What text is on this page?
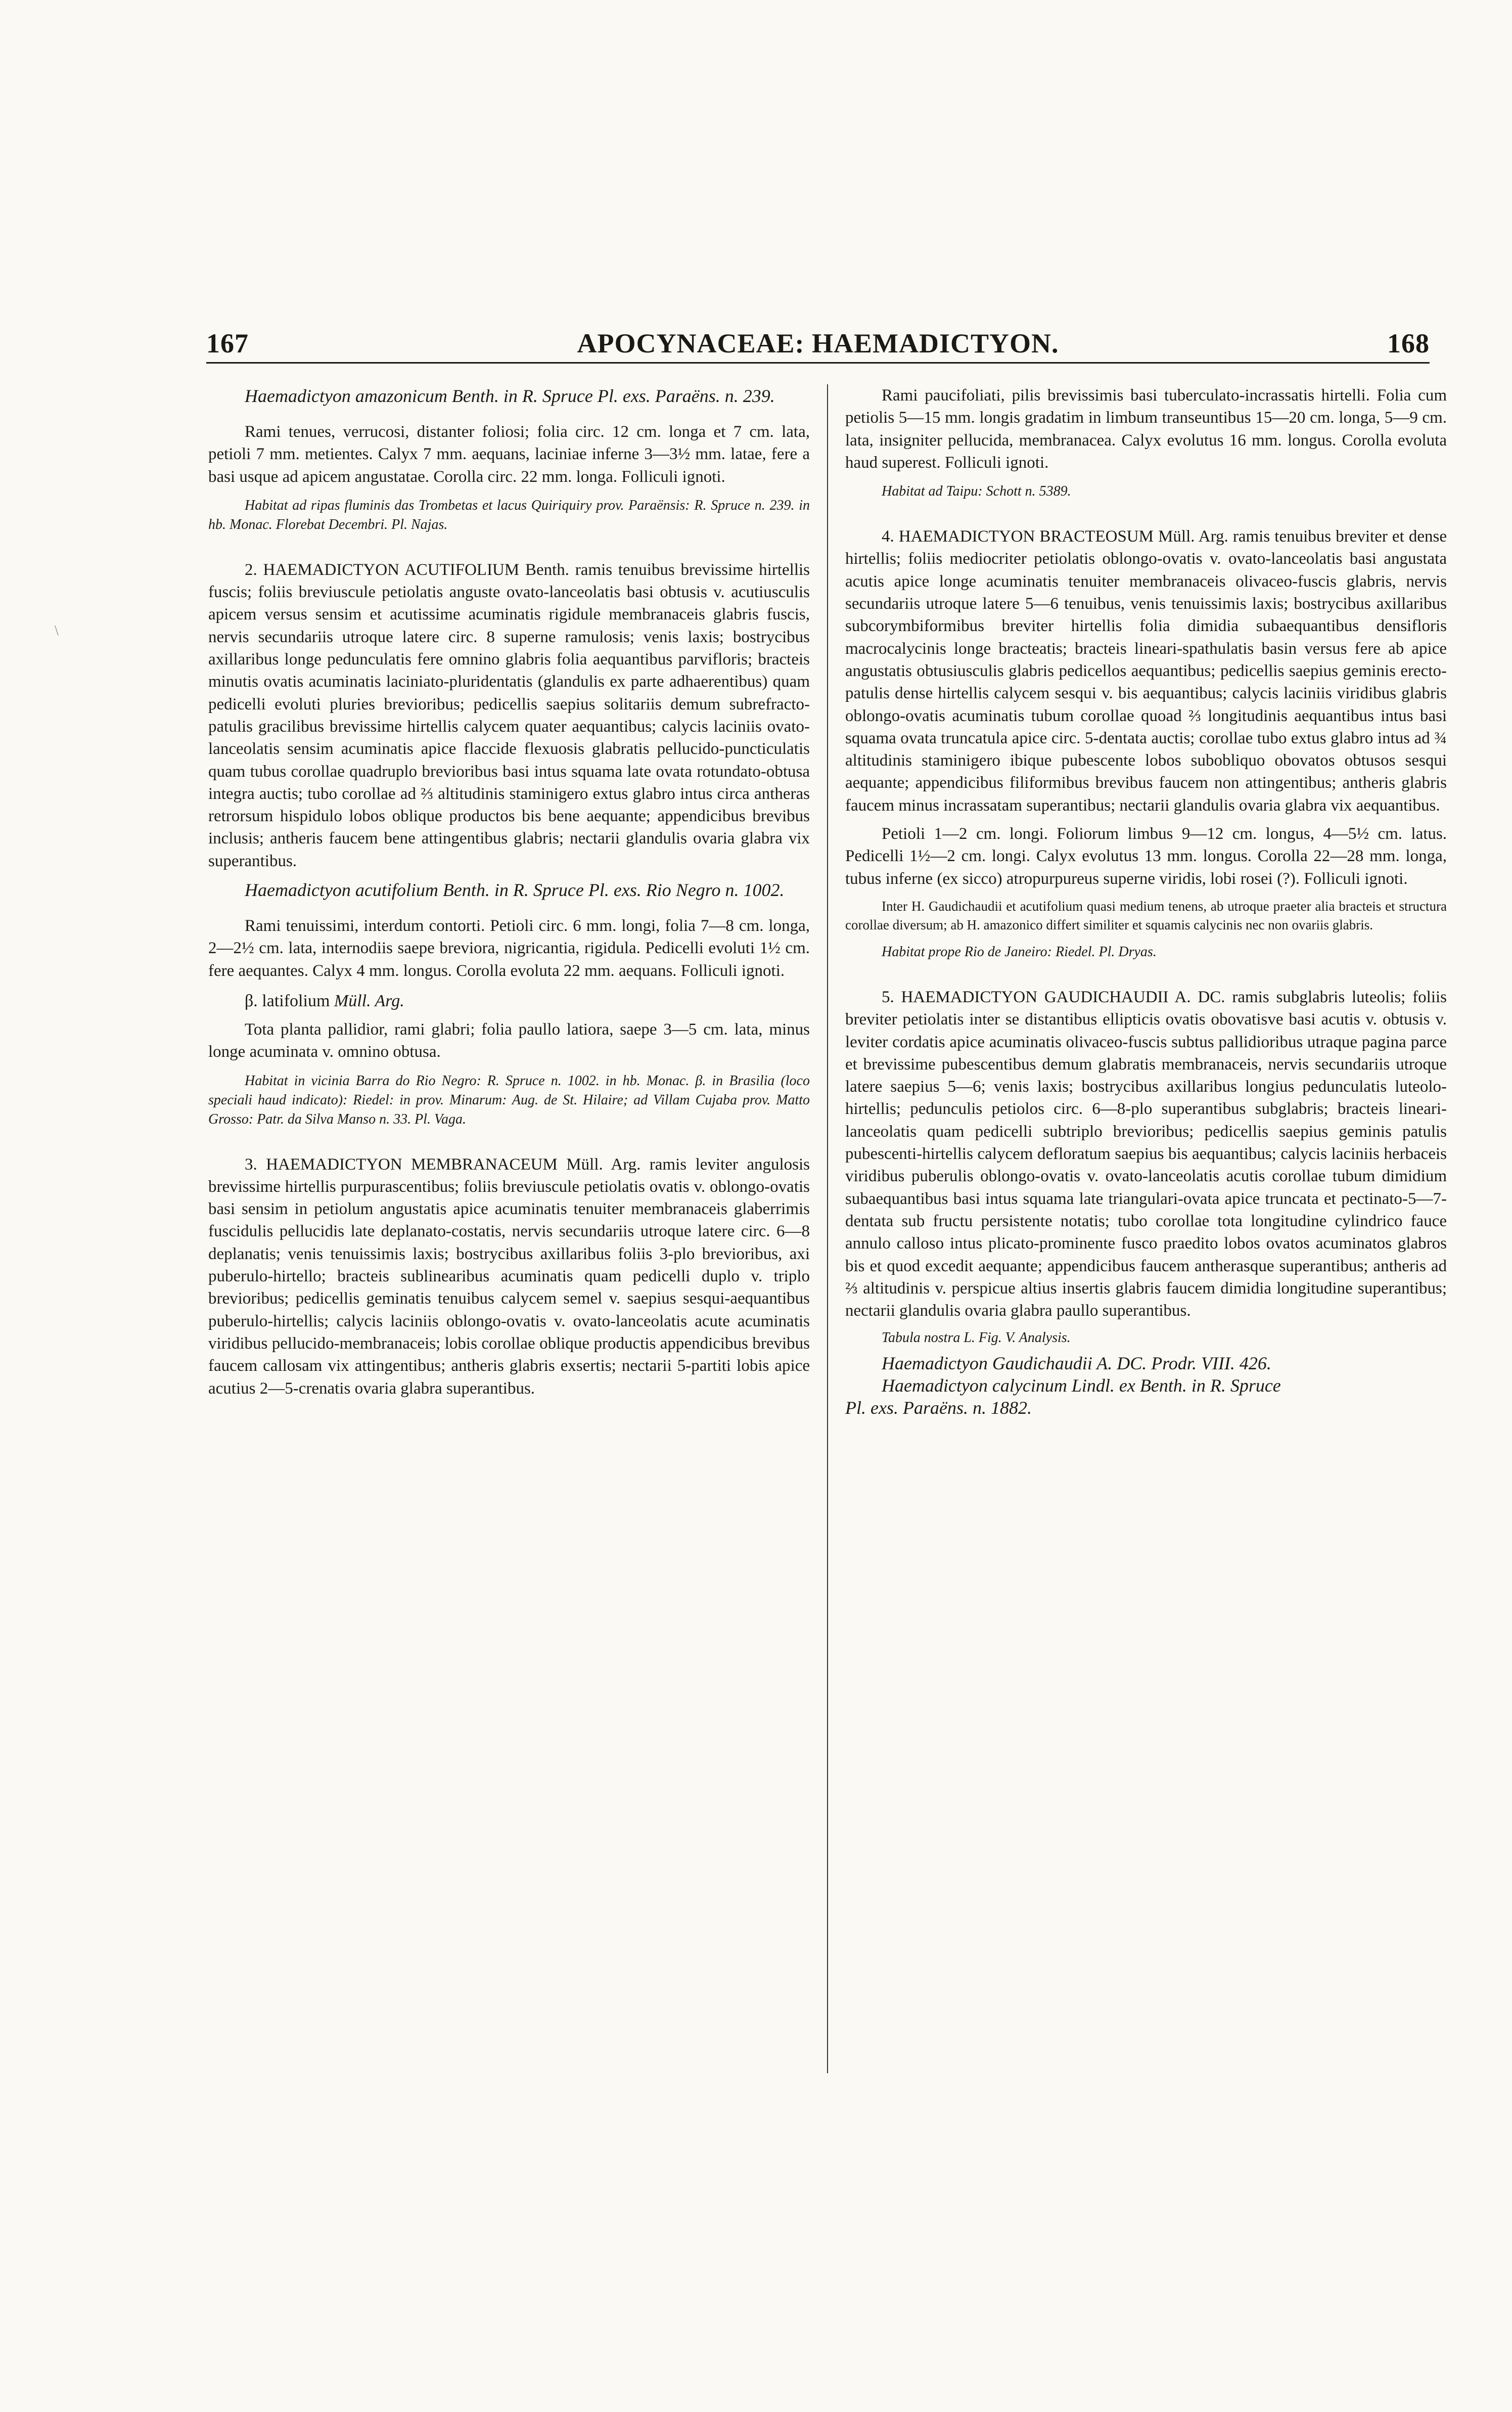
167	APOCYNACEAE: HAEMADICTYON.	168
\

Haemadictyon amazonicum Benth. in R. Spruce Pl. exs. Paraëns. n. 239.

Rami tenues, verrucosi, distanter foliosi; folia circ. 12 cm. longa et 7 cm. lata, petioli 7 mm. metientes. Calyx 7 mm. aequans, laciniae inferne 3—3½ mm. latae, fere a basi usque ad apicem angustatae. Corolla circ. 22 mm. longa. Folliculi ignoti.

Habitat ad ripas fluminis das Trombetas et lacus Quiriquiry prov. Paraënsis: R. Spruce n. 239. in hb. Monac. Florebat Decembri. Pl. Najas.

2. HAEMADICTYON ACUTIFOLIUM Benth. ramis tenuibus brevissime hirtellis fuscis; foliis breviuscule petiolatis anguste ovato-lanceolatis basi obtusis v. acutiusculis apicem versus sensim et acutissime acuminatis rigidule membranaceis glabris fuscis, nervis secundariis utroque latere circ. 8 superne ramulosis; venis laxis; bostrycibus axillaribus longe pedunculatis fere omnino glabris folia aequantibus parvifloris; bracteis minutis ovatis acuminatis laciniato-pluridentatis (glandulis ex parte adhaerentibus) quam pedicelli evoluti pluries brevioribus; pedicellis saepius solitariis demum subrefracto-patulis gracilibus brevissime hirtellis calycem quater aequantibus; calycis laciniis ovato-lanceolatis sensim acuminatis apice flaccide flexuosis glabratis pellucido-puncticulatis quam tubus corollae quadruplo brevioribus basi intus squama late ovata rotundato-obtusa integra auctis; tubo corollae ad ⅔ altitudinis staminigero extus glabro intus circa antheras retrorsum hispidulo lobos oblique productos bis bene aequante; appendicibus brevibus inclusis; antheris faucem bene attingentibus glabris; nectarii glandulis ovaria glabra vix superantibus.

Haemadictyon acutifolium Benth. in R. Spruce Pl. exs. Rio Negro n. 1002.

Rami tenuissimi, interdum contorti. Petioli circ. 6 mm. longi, folia 7—8 cm. longa, 2—2½ cm. lata, internodiis saepe breviora, nigricantia, rigidula. Pedicelli evoluti 1½ cm. fere aequantes. Calyx 4 mm. longus. Corolla evoluta 22 mm. aequans. Folliculi ignoti.

β. latifolium Müll. Arg.

Tota planta pallidior, rami glabri; folia paullo latiora, saepe 3—5 cm. lata, minus longe acuminata v. omnino obtusa.

Habitat in vicinia Barra do Rio Negro: R. Spruce n. 1002. in hb. Monac. β. in Brasilia (loco speciali haud indicato): Riedel: in prov. Minarum: Aug. de St. Hilaire; ad Villam Cujaba prov. Matto Grosso: Patr. da Silva Manso n. 33. Pl. Vaga.

3. HAEMADICTYON MEMBRANACEUM Müll. Arg. ramis leviter angulosis brevissime hirtellis purpurascentibus; foliis breviuscule petiolatis ovatis v. oblongo-ovatis basi sensim in petiolum angustatis apice acuminatis tenuiter membranaceis glaberrimis fuscidulis pellucidis late deplanato-costatis, nervis secundariis utroque latere circ. 6—8 deplanatis; venis tenuissimis laxis; bostrycibus axillaribus foliis 3-plo brevioribus, axi puberulo-hirtello; bracteis sublinearibus acuminatis quam pedicelli duplo v. triplo brevioribus; pedicellis geminatis tenuibus calycem semel v. saepius sesqui-aequantibus puberulo-hirtellis; calycis laciniis oblongo-ovatis v. ovato-lanceolatis acute acuminatis viridibus pellucido-membranaceis; lobis corollae oblique productis appendicibus brevibus faucem callosam vix attingentibus; antheris glabris exsertis; nectarii 5-partiti lobis apice acutius 2—5-crenatis ovaria glabra superantibus.

Rami paucifoliati, pilis brevissimis basi tuberculato-incrassatis hirtelli. Folia cum petiolis 5—15 mm. longis gradatim in limbum transeuntibus 15—20 cm. longa, 5—9 cm. lata, insigniter pellucida, membranacea. Calyx evolutus 16 mm. longus. Corolla evoluta haud superest. Folliculi ignoti.

Habitat ad Taipu: Schott n. 5389.

4. HAEMADICTYON BRACTEOSUM Müll. Arg. ramis tenuibus breviter et dense hirtellis; foliis mediocriter petiolatis oblongo-ovatis v. ovato-lanceolatis basi angustata acutis apice longe acuminatis tenuiter membranaceis olivaceo-fuscis glabris, nervis secundariis utroque latere 5—6 tenuibus, venis tenuissimis laxis; bostrycibus axillaribus subcorymbiformibus breviter hirtellis folia dimidia subaequantibus densifloris macrocalycinis longe bracteatis; bracteis lineari-spathulatis basin versus fere ab apice angustatis obtusiusculis glabris pedicellos aequantibus; pedicellis saepius geminis erecto-patulis dense hirtellis calycem sesqui v. bis aequantibus; calycis laciniis viridibus glabris oblongo-ovatis acuminatis tubum corollae quoad ⅔ longitudinis aequantibus intus basi squama ovata truncatula apice circ. 5-dentata auctis; corollae tubo extus glabro intus ad ¾ altitudinis staminigero ibique pubescente lobos subobliquo obovatos obtusos sesqui aequante; appendicibus filiformibus brevibus faucem non attingentibus; antheris glabris faucem minus incrassatam superantibus; nectarii glandulis ovaria glabra vix aequantibus.

Petioli 1—2 cm. longi. Foliorum limbus 9—12 cm. longus, 4—5½ cm. latus. Pedicelli 1½—2 cm. longi. Calyx evolutus 13 mm. longus. Corolla 22—28 mm. longa, tubus inferne (ex sicco) atropurpureus superne viridis, lobi rosei (?). Folliculi ignoti.

Inter H. Gaudichaudii et acutifolium quasi medium tenens, ab utroque praeter alia bracteis et structura corollae diversum; ab H. amazonico differt similiter et squamis calycinis nec non ovariis glabris.

Habitat prope Rio de Janeiro: Riedel. Pl. Dryas.

5. HAEMADICTYON GAUDICHAUDII A. DC. ramis subglabris luteolis; foliis breviter petiolatis inter se distantibus ellipticis ovatis obovatisve basi acutis v. obtusis v. leviter cordatis apice acuminatis olivaceo-fuscis subtus pallidioribus utraque pagina parce et brevissime pubescentibus demum glabratis membranaceis, nervis secundariis utroque latere saepius 5—6; venis laxis; bostrycibus axillaribus longius pedunculatis luteolo-hirtellis; pedunculis petiolos circ. 6—8-plo superantibus subglabris; bracteis lineari-lanceolatis quam pedicelli subtriplo brevioribus; pedicellis saepius geminis patulis pubescenti-hirtellis calycem defloratum saepius bis aequantibus; calycis laciniis herbaceis viridibus puberulis oblongo-ovatis v. ovato-lanceolatis acutis corollae tubum dimidium subaequantibus basi intus squama late triangulari-ovata apice truncata et pectinato-5—7-dentata sub fructu persistente notatis; tubo corollae tota longitudine cylindrico fauce annulo calloso intus plicato-prominente fusco praedito lobos ovatos acuminatos glabros bis et quod excedit aequante; appendicibus faucem antherasque superantibus; antheris ad ⅔ altitudinis v. perspicue altius insertis glabris faucem dimidia longitudine superantibus; nectarii glandulis ovaria glabra paullo superantibus.

Tabula nostra L. Fig. V. Analysis.

Haemadictyon Gaudichaudii A. DC. Prodr. VIII. 426.

Haemadictyon calycinum Lindl. ex Benth. in R. Spruce

Pl. exs. Paraëns. n. 1882.
